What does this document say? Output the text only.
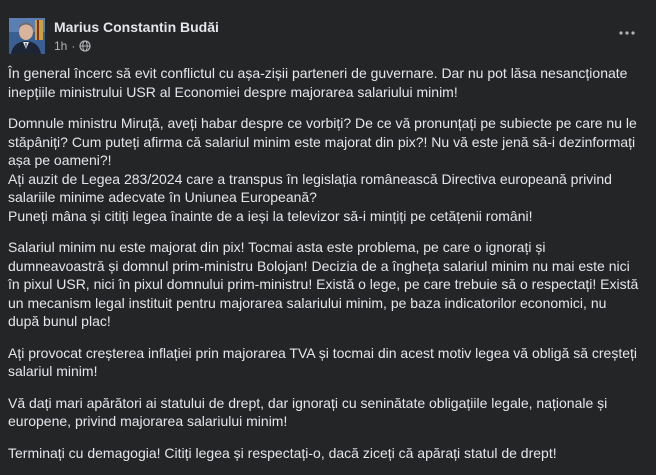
Marius Constantin Budăi
1h ·

În general încerc să evit conflictul cu așa-zișii parteneri de guvernare. Dar nu pot lăsa nesancționate
inepțiile ministrului USR al Economiei despre majorarea salariului minim!

Domnule ministru Miruță, aveți habar despre ce vorbiți? De ce vă pronunțați pe subiecte pe care nu le
stăpâniți? Cum puteți afirma că salariul minim este majorat din pix?! Nu vă este jenă să-i dezinformați
așa pe oameni?!
Ați auzit de Legea 283/2024 care a transpus în legislația românească Directiva europeană privind
salariile minime adecvate în Uniunea Europeană?
Puneți mâna și citiți legea înainte de a ieși la televizor să-i mințiți pe cetățenii români!

Salariul minim nu este majorat din pix! Tocmai asta este problema, pe care o ignorați și
dumneavoastră și domnul prim-ministru Bolojan! Decizia de a îngheța salariul minim nu mai este nici
în pixul USR, nici în pixul domnului prim-ministru! Există o lege, pe care trebuie să o respectați! Există
un mecanism legal instituit pentru majorarea salariului minim, pe baza indicatorilor economici, nu
după bunul plac!

Ați provocat creșterea inflației prin majorarea TVA și tocmai din acest motiv legea vă obligă să creșteți
salariul minim!

Vă dați mari apărători ai statului de drept, dar ignorați cu seninătate obligațiile legale, naționale și
europene, privind majorarea salariului minim!

Terminați cu demagogia! Citiți legea și respectați-o, dacă ziceți că apărați statul de drept!
